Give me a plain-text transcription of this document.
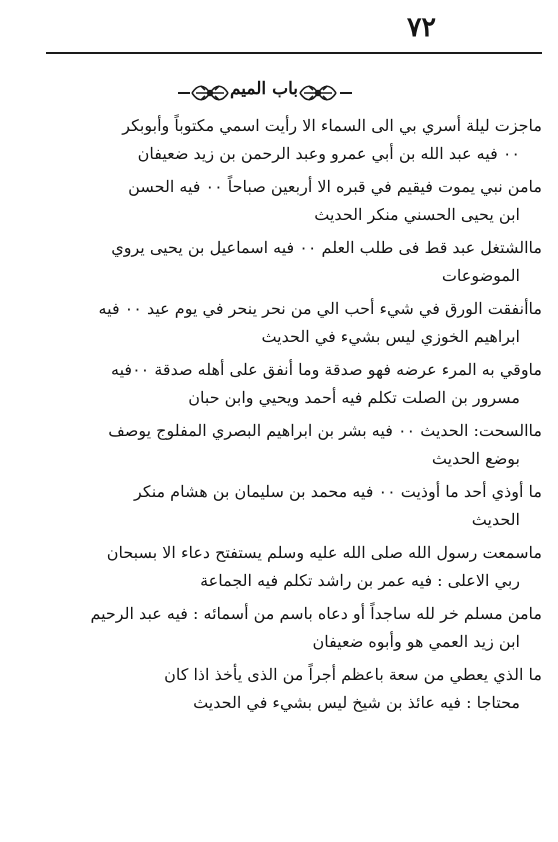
٧٢
باب الميم
ماجزت ليلة أسري بي الى السماء الا رأيت اسمي مكتوباً وأبوبكر
٠٠ فيه عبد الله بن أبي عمرو وعبد الرحمن بن زيد ضعيفان
مامن نبي يموت فيقيم في قبره الا أربعين صباحاً ٠٠ فيه الحسن
ابن يحيى الحسني منكر الحديث
ماالشتغل عبد قط فى طلب العلم ٠٠ فيه اسماعيل بن يحيى يروي
الموضوعات
ماأنفقت الورق في شيء أحب الي من نحر ينحر في يوم عيد ٠٠ فيه
ابراهيم الخوزي ليس بشيء في الحديث
ماوقي به المرء عرضه فهو صدقة وما أنفق على أهله صدقة ٠٠فيه
مسرور بن الصلت تكلم فيه أحمد ويحيي وابن حبان
ماالسحت: الحديث ٠٠ فيه بشر بن ابراهيم البصري المفلوج يوصف
بوضع الحديث
ما أوذي أحد ما أوذيت ٠٠ فيه محمد بن سليمان بن هشام منكر
الحديث
ماسمعت رسول الله صلى الله عليه وسلم يستفتح دعاء الا بسبحان
ربي الاعلى : فيه عمر بن راشد تكلم فيه الجماعة
مامن مسلم خر لله ساجداً أو دعاه باسم من أسمائه : فيه عبد الرحيم
ابن زيد العمي هو وأبوه ضعيفان
ما الذي يعطي من سعة باعظم أجراً من الذى يأخذ اذا كان
محتاجا : فيه عائذ بن شيخ ليس بشيء في الحديث
